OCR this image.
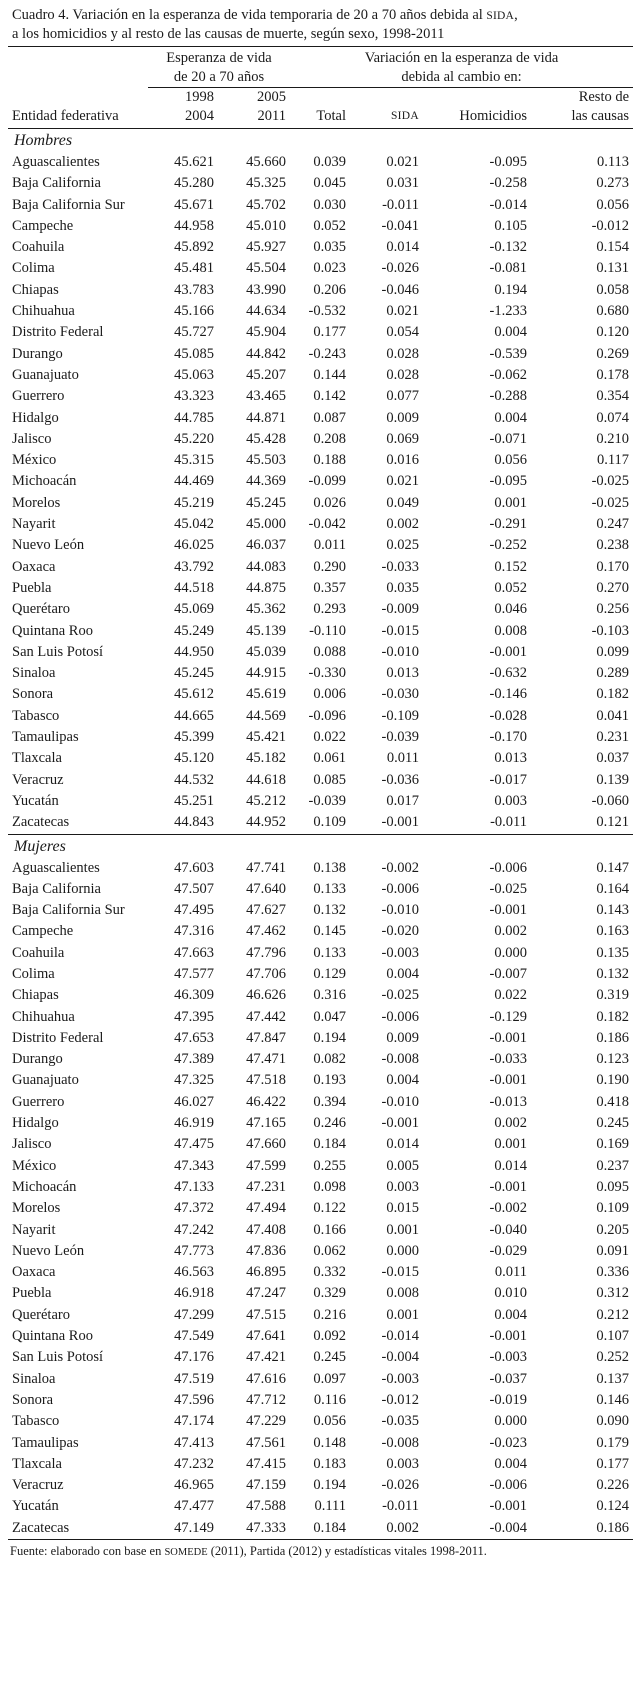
Cuadro 4. Variación en la esperanza de vida temporaria de 20 a 70 años debida al SIDA,
a los homicidios y al resto de las causas de muerte, según sexo, 1998-2011
	Esperanza de vida		Variación en la esperanza de vida			
	de 20 a 70 años		debida al cambio en:			
	1998	2005				Resto de
Entidad federativa	2004	2011	Total	SIDA	Homicidios	las causas
Hombres						
Aguascalientes	45.621	45.660	0.039	0.021	-0.095	0.113
Baja California	45.280	45.325	0.045	0.031	-0.258	0.273
Baja California Sur	45.671	45.702	0.030	-0.011	-0.014	0.056
Campeche	44.958	45.010	0.052	-0.041	0.105	-0.012
Coahuila	45.892	45.927	0.035	0.014	-0.132	0.154
Colima	45.481	45.504	0.023	-0.026	-0.081	0.131
Chiapas	43.783	43.990	0.206	-0.046	0.194	0.058
Chihuahua	45.166	44.634	-0.532	0.021	-1.233	0.680
Distrito Federal	45.727	45.904	0.177	0.054	0.004	0.120
Durango	45.085	44.842	-0.243	0.028	-0.539	0.269
Guanajuato	45.063	45.207	0.144	0.028	-0.062	0.178
Guerrero	43.323	43.465	0.142	0.077	-0.288	0.354
Hidalgo	44.785	44.871	0.087	0.009	0.004	0.074
Jalisco	45.220	45.428	0.208	0.069	-0.071	0.210
México	45.315	45.503	0.188	0.016	0.056	0.117
Michoacán	44.469	44.369	-0.099	0.021	-0.095	-0.025
Morelos	45.219	45.245	0.026	0.049	0.001	-0.025
Nayarit	45.042	45.000	-0.042	0.002	-0.291	0.247
Nuevo León	46.025	46.037	0.011	0.025	-0.252	0.238
Oaxaca	43.792	44.083	0.290	-0.033	0.152	0.170
Puebla	44.518	44.875	0.357	0.035	0.052	0.270
Querétaro	45.069	45.362	0.293	-0.009	0.046	0.256
Quintana Roo	45.249	45.139	-0.110	-0.015	0.008	-0.103
San Luis Potosí	44.950	45.039	0.088	-0.010	-0.001	0.099
Sinaloa	45.245	44.915	-0.330	0.013	-0.632	0.289
Sonora	45.612	45.619	0.006	-0.030	-0.146	0.182
Tabasco	44.665	44.569	-0.096	-0.109	-0.028	0.041
Tamaulipas	45.399	45.421	0.022	-0.039	-0.170	0.231
Tlaxcala	45.120	45.182	0.061	0.011	0.013	0.037
Veracruz	44.532	44.618	0.085	-0.036	-0.017	0.139
Yucatán	45.251	45.212	-0.039	0.017	0.003	-0.060
Zacatecas	44.843	44.952	0.109	-0.001	-0.011	0.121
Mujeres						
Aguascalientes	47.603	47.741	0.138	-0.002	-0.006	0.147
Baja California	47.507	47.640	0.133	-0.006	-0.025	0.164
Baja California Sur	47.495	47.627	0.132	-0.010	-0.001	0.143
Campeche	47.316	47.462	0.145	-0.020	0.002	0.163
Coahuila	47.663	47.796	0.133	-0.003	0.000	0.135
Colima	47.577	47.706	0.129	0.004	-0.007	0.132
Chiapas	46.309	46.626	0.316	-0.025	0.022	0.319
Chihuahua	47.395	47.442	0.047	-0.006	-0.129	0.182
Distrito Federal	47.653	47.847	0.194	0.009	-0.001	0.186
Durango	47.389	47.471	0.082	-0.008	-0.033	0.123
Guanajuato	47.325	47.518	0.193	0.004	-0.001	0.190
Guerrero	46.027	46.422	0.394	-0.010	-0.013	0.418
Hidalgo	46.919	47.165	0.246	-0.001	0.002	0.245
Jalisco	47.475	47.660	0.184	0.014	0.001	0.169
México	47.343	47.599	0.255	0.005	0.014	0.237
Michoacán	47.133	47.231	0.098	0.003	-0.001	0.095
Morelos	47.372	47.494	0.122	0.015	-0.002	0.109
Nayarit	47.242	47.408	0.166	0.001	-0.040	0.205
Nuevo León	47.773	47.836	0.062	0.000	-0.029	0.091
Oaxaca	46.563	46.895	0.332	-0.015	0.011	0.336
Puebla	46.918	47.247	0.329	0.008	0.010	0.312
Querétaro	47.299	47.515	0.216	0.001	0.004	0.212
Quintana Roo	47.549	47.641	0.092	-0.014	-0.001	0.107
San Luis Potosí	47.176	47.421	0.245	-0.004	-0.003	0.252
Sinaloa	47.519	47.616	0.097	-0.003	-0.037	0.137
Sonora	47.596	47.712	0.116	-0.012	-0.019	0.146
Tabasco	47.174	47.229	0.056	-0.035	0.000	0.090
Tamaulipas	47.413	47.561	0.148	-0.008	-0.023	0.179
Tlaxcala	47.232	47.415	0.183	0.003	0.004	0.177
Veracruz	46.965	47.159	0.194	-0.026	-0.006	0.226
Yucatán	47.477	47.588	0.111	-0.011	-0.001	0.124
Zacatecas	47.149	47.333	0.184	0.002	-0.004	0.186
Fuente: elaborado con base en SOMEDE (2011), Partida (2012) y estadísticas vitales 1998-2011.
